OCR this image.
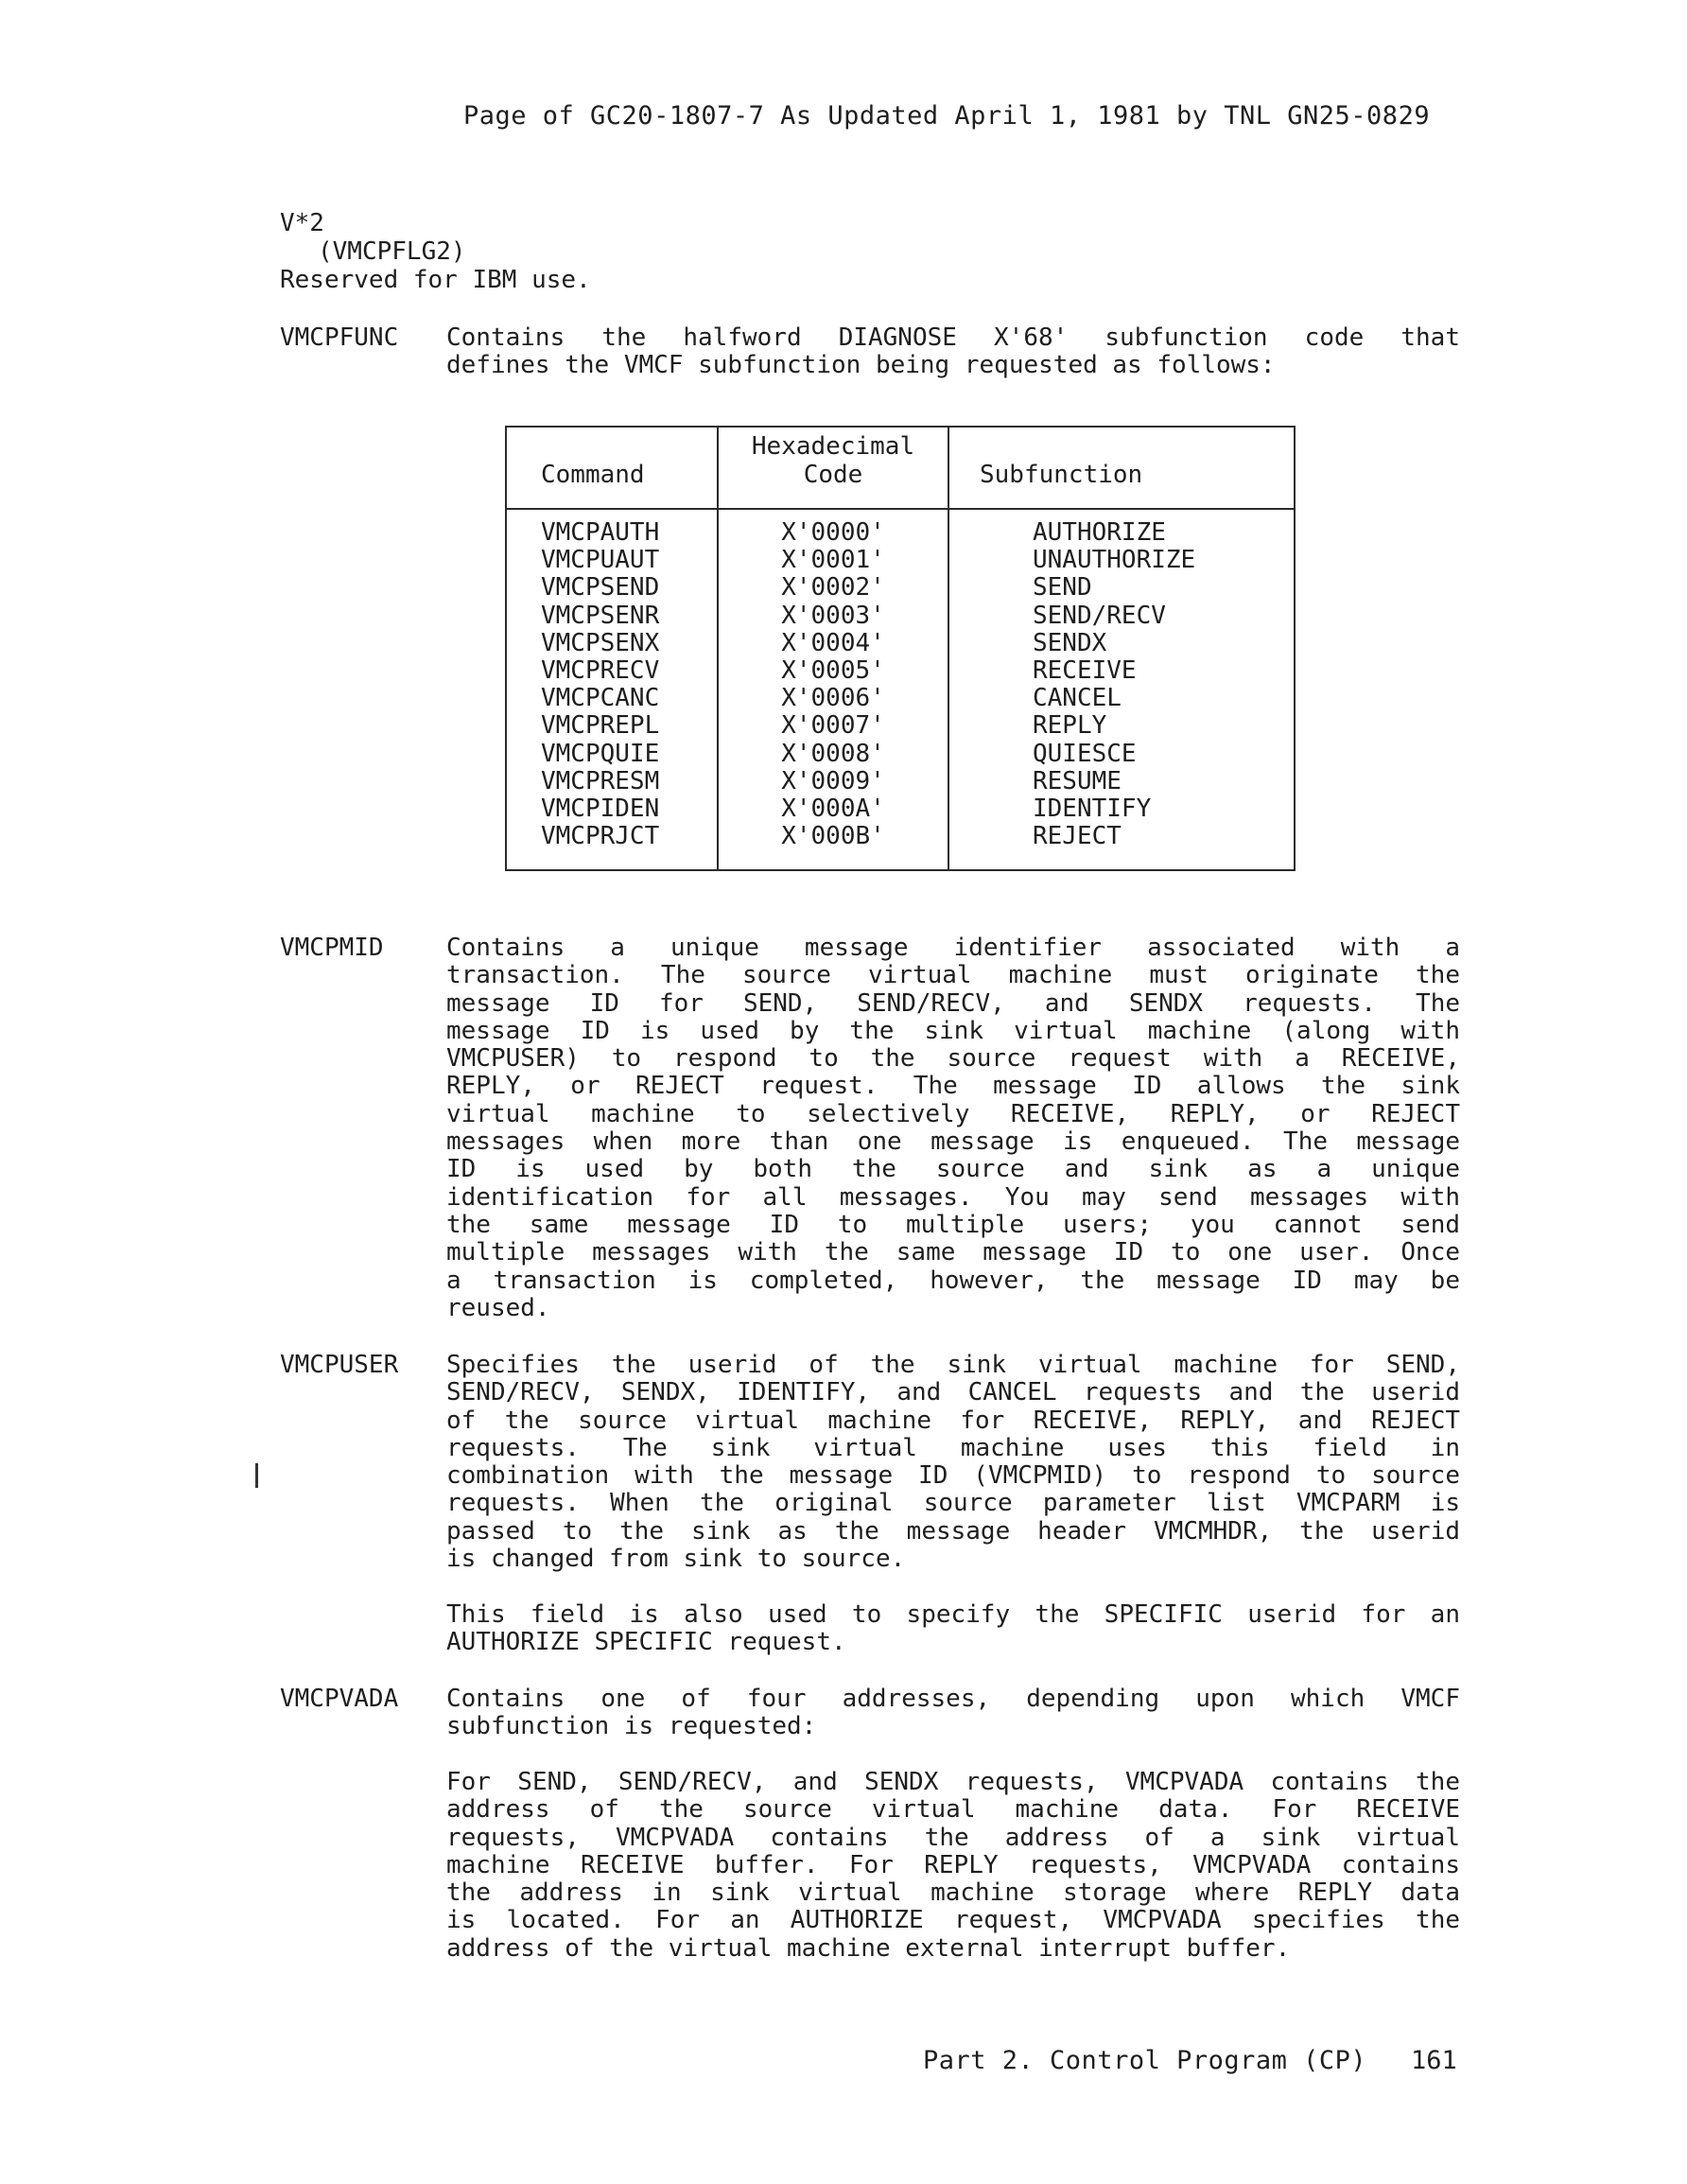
Page of GC20-1807-7 As Updated April 1, 1981 by TNL GN25-0829
V*2
(VMCPFLG2)
Reserved for IBM use.
VMCPFUNC Contains the halfword DIAGNOSE X'68' subfunction code that
defines the VMCF subfunction being requested as follows:
Command
Hexadecimal
Code	Subfunction
VMCPAUTH	X'0000'	AUTHORIZE
VMCPUAUT	X'0001'	UNAUTHORIZE
VMCPSEND	X'0002'	SEND
VMCPSENR	X'0003'	SEND/RECV
VMCPSENX	X'0004'	SENDX
VMCPRECV	X'0005'	RECEIVE
VMCPCANC	X'0006'	CANCEL
VMCPREPL	X'0007'	REPLY
VMCPQUIE	X'0008'	QUIESCE
VMCPRESM	X'0009'	RESUME
VMCPIDEN	X'000A'	IDENTIFY
VMCPRJCT	X'000B'	REJECT
VMCPMID	Contains a unique message identifier associated with a
transaction. The source virtual machine must originate the
message ID for SEND, SEND/RECV, and SENDX requests. The
message ID is used by the sink virtual machine (along with
VMCPUSER) to respond to the source request with a RECEIVE,
REPLY, or REJECT request. The message ID allows the sink
virtual machine to selectively RECEIVE, REPLY, or REJECT
messages when more than one message is enqueued. The message
ID is used by both the source and sink as a unique
identification for all messages. You may send messages with
the same message ID to multiple users; you cannot send
multiple messages with the same message ID to one user. Once
a transaction is completed, however, the message ID may be
reused.
VMCPUSER Specifies the userid of the sink virtual machine for SEND,
SEND/RECV, SENDX, IDENTIFY, and CANCEL requests and the userid
of the source virtual machine for RECEIVE, REPLY, and REJECT
requests. The sink virtual machine uses this field in
combination with the message ID (VMCPMID) to respond to source
requests. When the original source parameter list VMCPARM is
passed to the sink as the message header VMCMHDR, the userid
is changed from sink to source.
This field is also used to specify the SPECIFIC userid for an
AUTHORIZE SPECIFIC request.
VMCPVADA Contains one of four addresses, depending upon which VMCF
subfunction is requested:
For SEND, SEND/RECV, and SENDX requests, VMCPVADA contains the
address of the source virtual machine data. For RECEIVE
requests, VMCPVADA contains the address of a sink virtual
machine RECEIVE buffer. For REPLY requests, VMCPVADA contains
the address in sink virtual machine storage where REPLY data
is located. For an AUTHORIZE request, VMCPVADA specifies the
address of the virtual machine external interrupt buffer.
Part 2. Control Program (CP) 161
